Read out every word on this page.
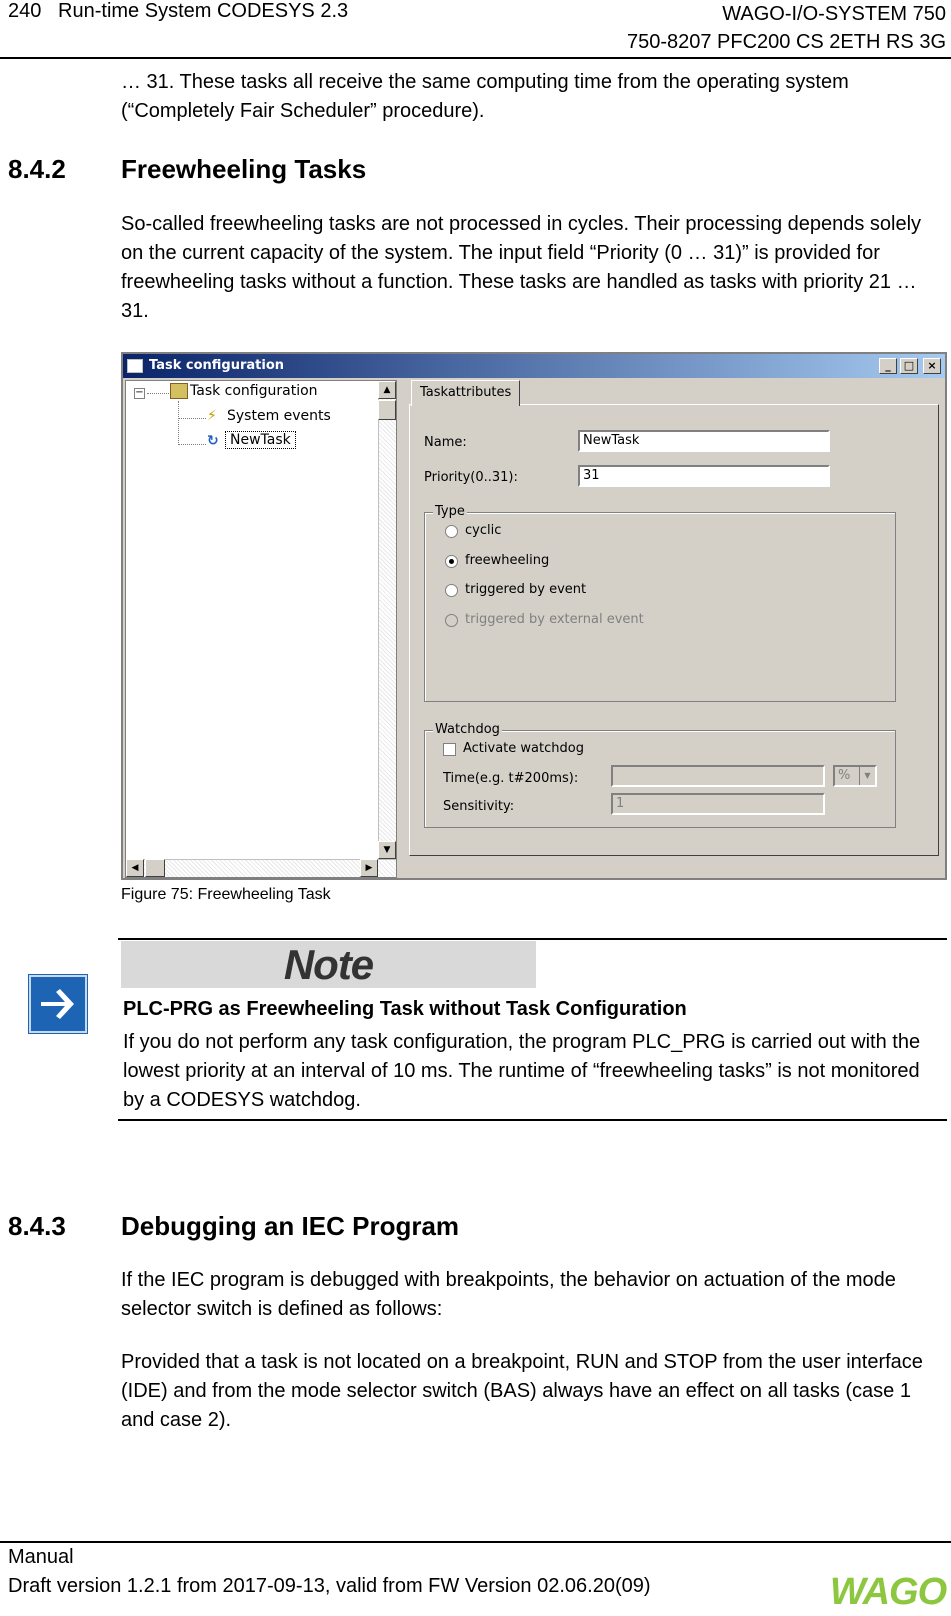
240 Run-time System CODESYS 2.3	WAGO-I/O-SYSTEM 750
750-8207 PFC200 CS 2ETH RS 3G
… 31. These tasks all receive the same computing time from the operating system (“Completely Fair Scheduler” procedure).
8.4.2 Freewheeling Tasks
So-called freewheeling tasks are not processed in cycles. Their processing depends solely on the current capacity of the system. The input field “Priority (0 … 31)” is provided for freewheeling tasks without a function. These tasks are handled as tasks with priority 21 … 31.
Task configuration	_	□	×
−	Task configuration
⚡ System events
↻ NewTask
▲
▼
◀	▶
Taskattributes
Name:	NewTask
Priority(0..31):	31
Type
cyclic
freewheeling
triggered by event
triggered by external event
Watchdog
Activate watchdog
Time(e.g. t#200ms):	%	▼
Sensitivity:	1
Figure 75: Freewheeling Task
Note
PLC-PRG as Freewheeling Task without Task Configuration
If you do not perform any task configuration, the program PLC_PRG is carried out with the lowest priority at an interval of 10 ms. The runtime of “freewheeling tasks” is not monitored by a CODESYS watchdog.
8.4.3 Debugging an IEC Program
If the IEC program is debugged with breakpoints, the behavior on actuation of the mode selector switch is defined as follows:
Provided that a task is not located on a breakpoint, RUN and STOP from the user interface (IDE) and from the mode selector switch (BAS) always have an effect on all tasks (case 1 and case 2).
Manual
Draft version 1.2.1 from 2017-09-13, valid from FW Version 02.06.20(09)	WAGO
